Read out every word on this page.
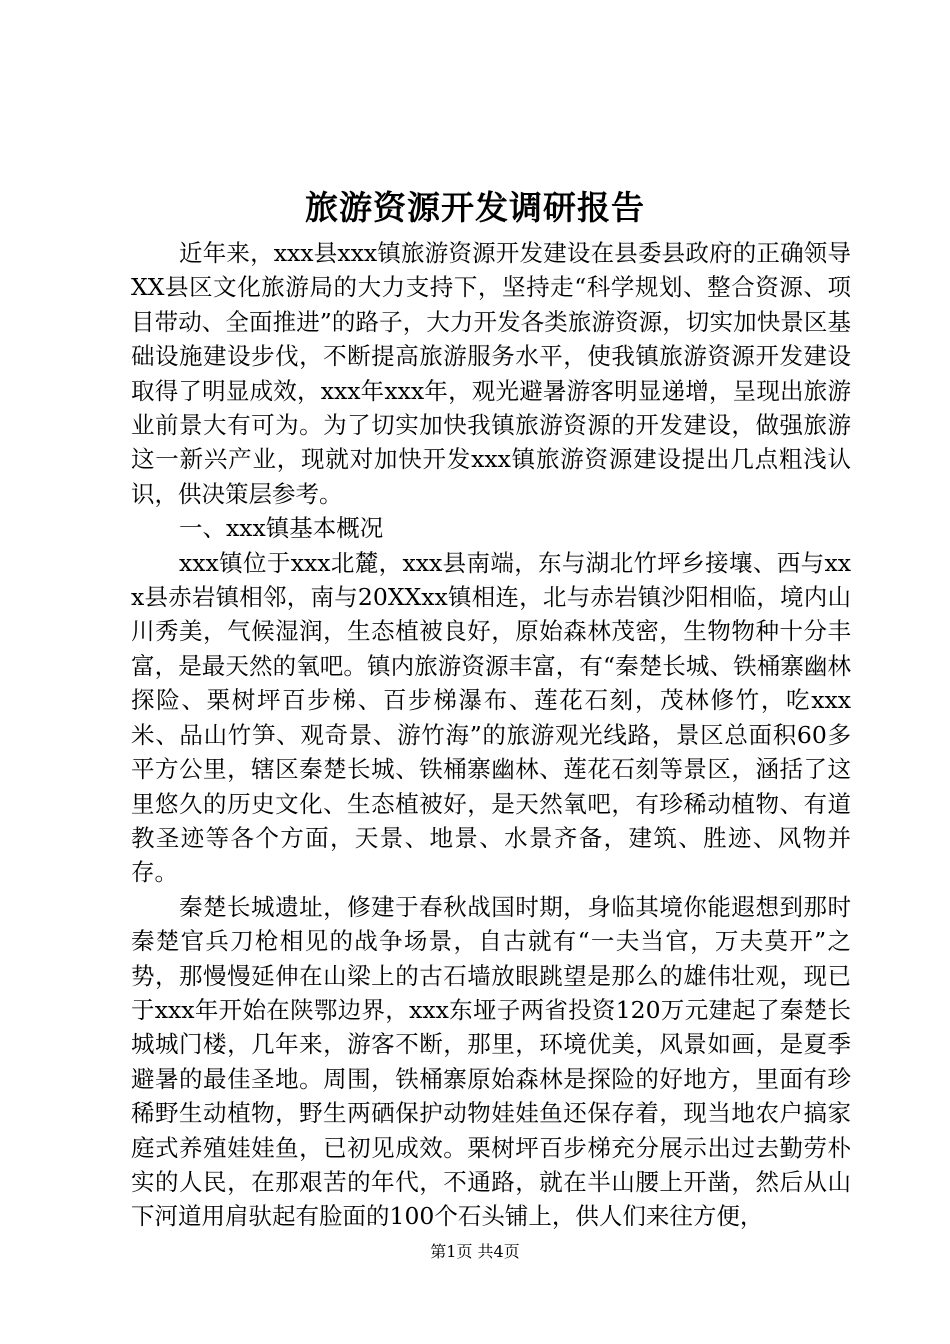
旅游资源开发调研报告

近年来，xxx县xxx镇旅游资源开发建设在县委县政府的正确领导XX县区文化旅游局的大力支持下，坚持走“科学规划、整合资源、项目带动、全面推进”的路子，大力开发各类旅游资源，切实加快景区基础设施建设步伐，不断提高旅游服务水平，使我镇旅游资源开发建设取得了明显成效，xxx年xxx年，观光避暑游客明显递增，呈现出旅游业前景大有可为。为了切实加快我镇旅游资源的开发建设，做强旅游这一新兴产业，现就对加快开发xxx镇旅游资源建设提出几点粗浅认识，供决策层参考。

一、xxx镇基本概况

xxx镇位于xxx北麓，xxx县南端，东与湖北竹坪乡接壤、西与xxx县赤岩镇相邻，南与20XXxx镇相连，北与赤岩镇沙阳相临，境内山川秀美，气候湿润，生态植被良好，原始森林茂密，生物物种十分丰富，是最天然的氧吧。镇内旅游资源丰富，有“秦楚长城、铁桶寨幽林探险、栗树坪百步梯、百步梯瀑布、莲花石刻，茂林修竹，吃xxx米、品山竹笋、观奇景、游竹海”的旅游观光线路，景区总面积60多平方公里，辖区秦楚长城、铁桶寨幽林、莲花石刻等景区，涵括了这里悠久的历史文化、生态植被好，是天然氧吧，有珍稀动植物、有道教圣迹等各个方面，天景、地景、水景齐备，建筑、胜迹、风物并存。

秦楚长城遗址，修建于春秋战国时期，身临其境你能遐想到那时秦楚官兵刀枪相见的战争场景，自古就有“一夫当官，万夫莫开”之势，那慢慢延伸在山梁上的古石墙放眼跳望是那么的雄伟壮观，现已于xxx年开始在陕鄂边界，xxx东垭子两省投资120万元建起了秦楚长城城门楼，几年来，游客不断，那里，环境优美，风景如画，是夏季避暑的最佳圣地。周围，铁桶寨原始森林是探险的好地方，里面有珍稀野生动植物，野生两硒保护动物娃娃鱼还保存着，现当地农户搞家庭式养殖娃娃鱼，已初见成效。栗树坪百步梯充分展示出过去勤劳朴实的人民，在那艰苦的年代，不通路，就在半山腰上开凿，然后从山下河道用肩驮起有脸面的100个石头铺上，供人们来往方便，

第1页 共4页
